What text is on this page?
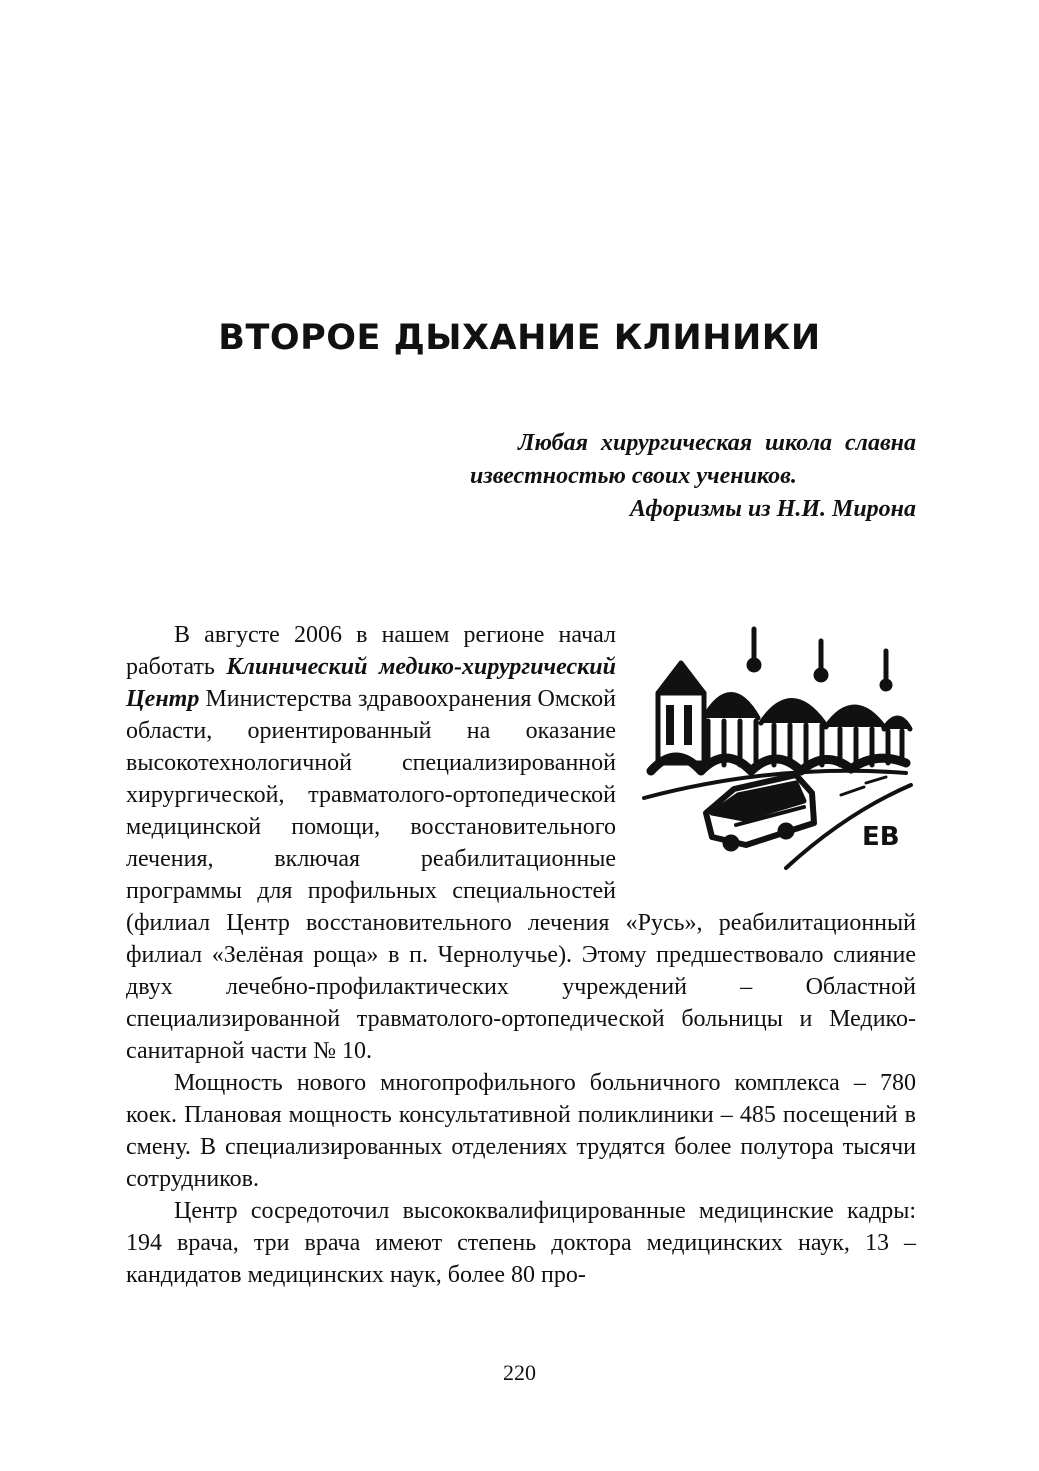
ВТОРОЕ ДЫХАНИЕ КЛИНИКИ
Любая хирургическая школа славна известностью своих учеников.
Афоризмы из Н.И. Мирона

ЕВ
В августе 2006 в нашем регионе начал работать Клинический медико-хирургический Центр Министерства здравоохранения Омской области, ориентированный на оказание высокотехнологичной специализированной хирургической, травматолого-ортопедической медицинской помощи, восстановительного лечения, включая реабилитационные программы для профильных специальностей (филиал Центр восстановительного лечения «Русь», реабилитационный филиал «Зелёная роща» в п. Чернолучье). Этому предшествовало слияние двух лечебно-профилактических учреждений – Областной специализированной травматолого-ортопедической больницы и Медико-санитарной части № 10.

Мощность нового многопрофильного больничного комплекса – 780 коек. Плановая мощность консультативной поликлиники – 485 посещений в смену. В специализированных отделениях трудятся более полутора тысячи сотрудников.

Центр сосредоточил высококвалифицированные медицинские кадры: 194 врача, три врача имеют степень доктора медицинских наук, 13 – кандидатов медицинских наук, более 80 про-

220
